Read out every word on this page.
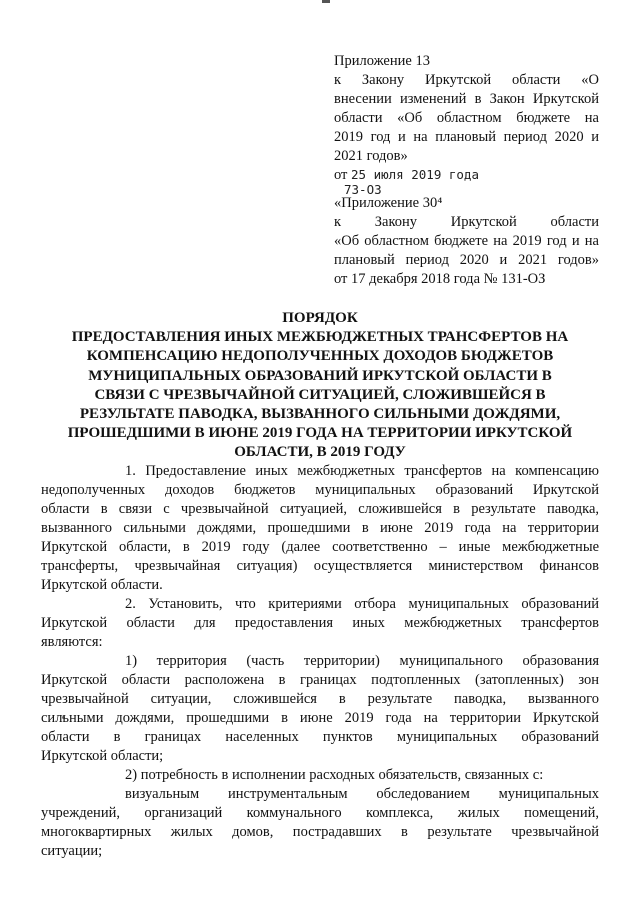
Приложение 13
к Закону Иркутской области «О
внесении изменений в Закон Иркутской
области «Об областном бюджете на
2019 год и на плановый период 2020 и
2021 годов»
от 25 июля 2019 года
73-ОЗ
«Приложение 30⁴
к Закону Иркутской области
«Об областном бюджете на 2019 год и на
плановый период 2020 и 2021 годов»
от 17 декабря 2018 года № 131-ОЗ
ПОРЯДОК
ПРЕДОСТАВЛЕНИЯ ИНЫХ МЕЖБЮДЖЕТНЫХ ТРАНСФЕРТОВ НА
КОМПЕНСАЦИЮ НЕДОПОЛУЧЕННЫХ ДОХОДОВ БЮДЖЕТОВ
МУНИЦИПАЛЬНЫХ ОБРАЗОВАНИЙ ИРКУТСКОЙ ОБЛАСТИ В
СВЯЗИ С ЧРЕЗВЫЧАЙНОЙ СИТУАЦИЕЙ, СЛОЖИВШЕЙСЯ В
РЕЗУЛЬТАТЕ ПАВОДКА, ВЫЗВАННОГО СИЛЬНЫМИ ДОЖДЯМИ,
ПРОШЕДШИМИ В ИЮНЕ 2019 ГОДА НА ТЕРРИТОРИИ ИРКУТСКОЙ
ОБЛАСТИ, В 2019 ГОДУ
1. Предоставление иных межбюджетных трансфертов на компенсацию
недополученных доходов бюджетов муниципальных образований Иркутской
области в связи с чрезвычайной ситуацией, сложившейся в результате паводка,
вызванного сильными дождями, прошедшими в июне 2019 года на территории
Иркутской области, в 2019 году (далее соответственно – иные межбюджетные
трансферты, чрезвычайная ситуация) осуществляется министерством финансов
Иркутской области.
2. Установить, что критериями отбора муниципальных образований
Иркутской области для предоставления иных межбюджетных трансфертов
являются:
1) территория (часть территории) муниципального образования
Иркутской области расположена в границах подтопленных (затопленных) зон
чрезвычайной ситуации, сложившейся в результате паводка, вызванного
сильными дождями, прошедшими в июне 2019 года на территории Иркутской
области в границах населенных пунктов муниципальных образований
Иркутской области;
2) потребность в исполнении расходных обязательств, связанных с:
визуальным инструментальным обследованием муниципальных
учреждений, организаций коммунального комплекса, жилых помещений,
многоквартирных жилых домов, пострадавших в результате чрезвычайной
ситуации;
